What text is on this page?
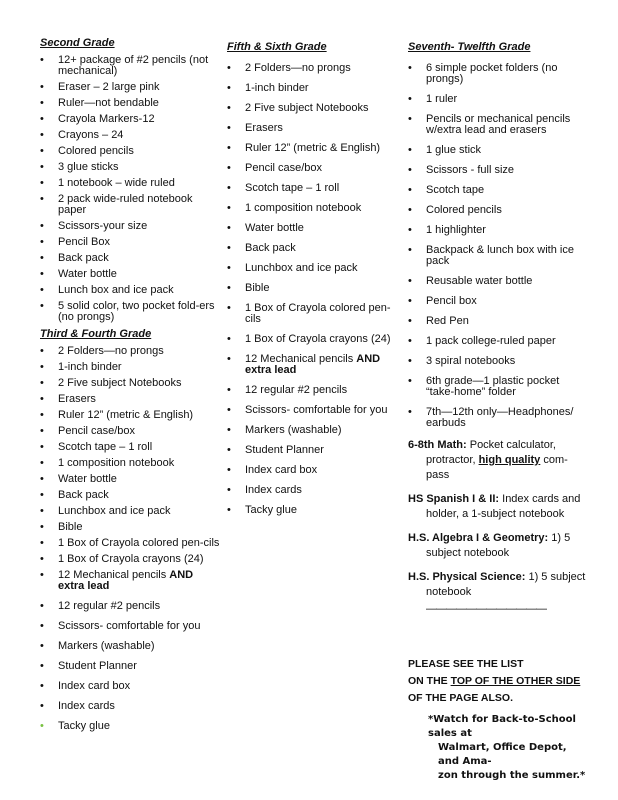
Second Grade

• 12+ package of #2 pencils (not mechanical)
• Eraser – 2 large pink
• Ruler—not bendable
• Crayola Markers-12
• Crayons – 24
• Colored pencils
• 3 glue sticks
• 1 notebook – wide ruled
• 2 pack wide-ruled notebook paper
• Scissors-your size
• Pencil Box
• Back pack
• Water bottle
• Lunch box and ice pack
• 5 solid color, two pocket fold-ers (no prongs)

Third & Fourth Grade

• 2 Folders—no prongs
• 1-inch binder
• 2 Five subject Notebooks
• Erasers
• Ruler 12” (metric & English)
• Pencil case/box
• Scotch tape – 1 roll
• 1 composition notebook
• Water bottle
• Back pack
• Lunchbox and ice pack
• Bible
• 1 Box of Crayola colored pen-cils
• 1 Box of Crayola crayons (24)
• 12 Mechanical pencils AND extra lead
• 12 regular #2 pencils
• Scissors- comfortable for you
• Markers (washable)
• Student Planner
• Index card box
• Index cards
• Tacky glue

Fifth & Sixth Grade

• 2 Folders—no prongs
• 1-inch binder
• 2 Five subject Notebooks
• Erasers
• Ruler 12” (metric & English)
• Pencil case/box
• Scotch tape – 1 roll
• 1 composition notebook
• Water bottle
• Back pack
• Lunchbox and ice pack
• Bible
• 1 Box of Crayola colored pen-cils
• 1 Box of Crayola crayons (24)
• 12 Mechanical pencils AND extra lead
• 12 regular #2 pencils
• Scissors- comfortable for you
• Markers (washable)
• Student Planner
• Index card box
• Index cards
• Tacky glue

Seventh- Twelfth Grade

• 6 simple pocket folders (no prongs)
• 1 ruler
• Pencils or mechanical pencils w/extra lead and erasers
• 1 glue stick
• Scissors - full size
• Scotch tape
• Colored pencils
• 1 highlighter
• Backpack & lunch box with ice pack
• Reusable water bottle
• Pencil box
• Red Pen
• 1 pack college-ruled paper
• 3 spiral notebooks
• 6th grade—1 plastic pocket “take-home” folder
• 7th—12th only—Headphones/ earbuds
6-8th Math: Pocket calculator, protractor, high quality com-pass
HS Spanish I & II: Index cards and holder, a 1-subject notebook
H.S. Algebra I & Geometry: 1) 5 subject notebook
H.S. Physical Science: 1) 5 subject notebook
————————————
PLEASE SEE THE LIST
ON THE TOP OF THE OTHER SIDE
OF THE PAGE ALSO.
*Watch for Back-to-School sales at
Walmart, Office Depot, and Ama-
zon through the summer.*
